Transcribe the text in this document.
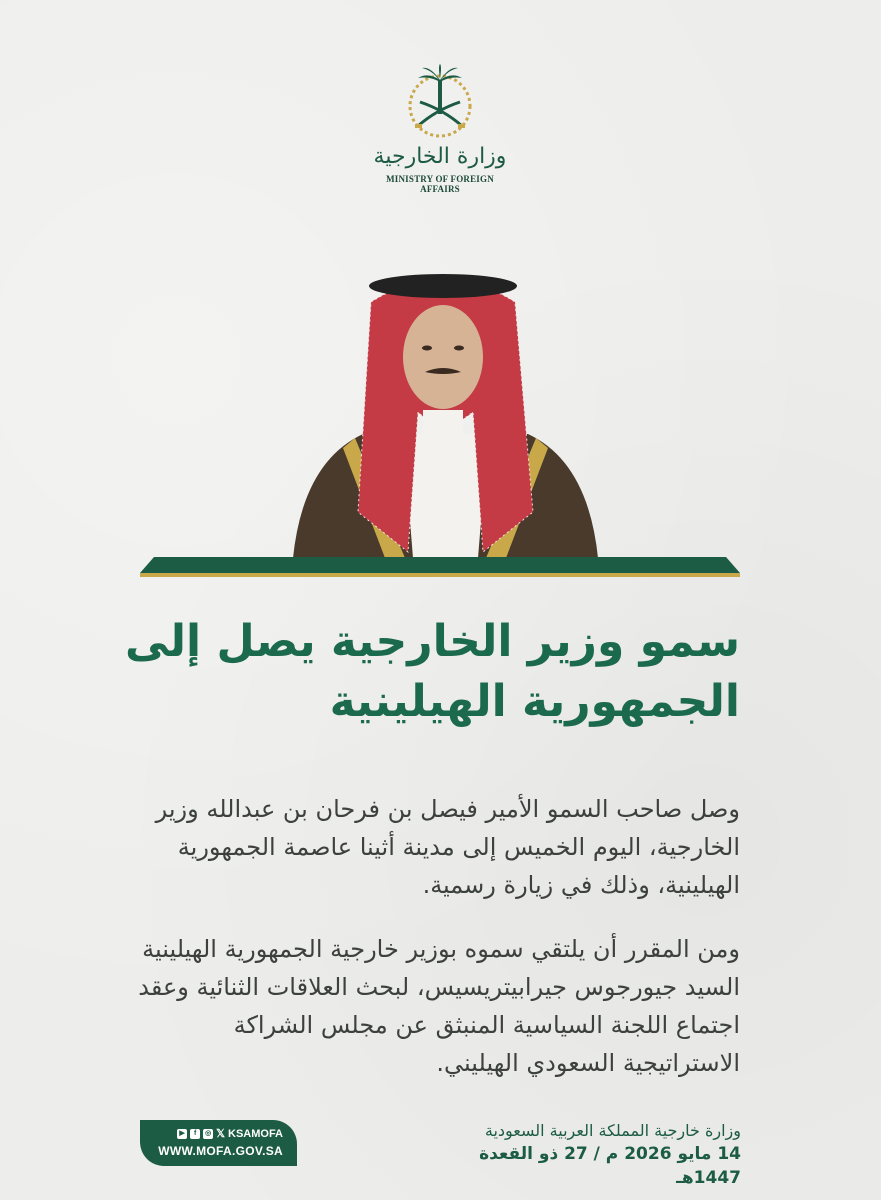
وزارة الخارجية
MINISTRY OF FOREIGN AFFAIRS
سمو وزير الخارجية يصل إلى
الجمهورية الهيلينية
وصل صاحب السمو الأمير فيصل بن فرحان بن عبدالله وزير الخارجية، اليوم الخميس إلى مدينة أثينا عاصمة الجمهورية الهيلينية، وذلك في زيارة رسمية.
ومن المقرر أن يلتقي سموه بوزير خارجية الجمهورية الهيلينية السيد جيورجوس جيرابيتريسيس، لبحث العلاقات الثنائية وعقد اجتماع اللجنة السياسية المنبثق عن مجلس الشراكة الاستراتيجية السعودي الهيليني.
▶	f	◎ 𝕏 KSAMOFA
WWW.MOFA.GOV.SA
وزارة خارجية المملكة العربية السعودية
14 مايو 2026 م / 27 ذو القعدة 1447هـ
